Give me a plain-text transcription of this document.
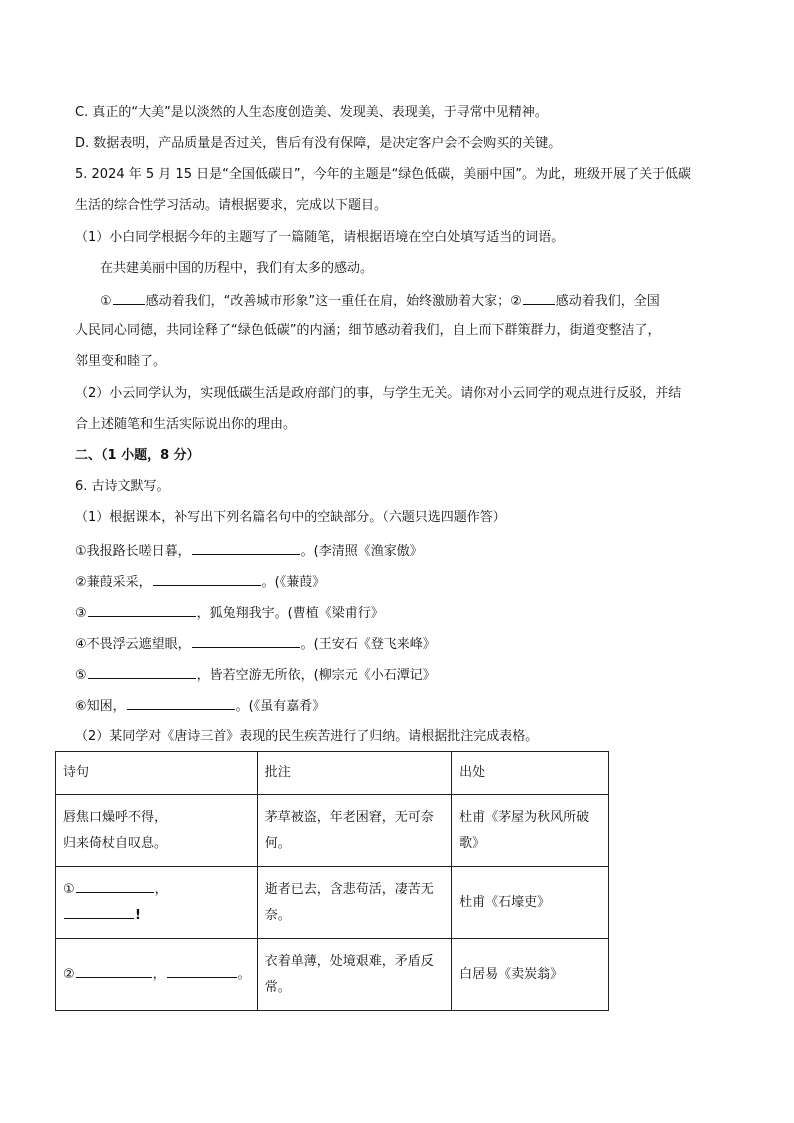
C. 真正的“大美”是以淡然的人生态度创造美、发现美、表现美，于寻常中见精神。
D. 数据表明，产品质量是否过关，售后有没有保障，是决定客户会不会购买的关键。
5. 2024 年 5 月 15 日是“全国低碳日”，今年的主题是“绿色低碳，美丽中国”。为此，班级开展了关于低碳
生活的综合性学习活动。请根据要求，完成以下题目。
（1）小白同学根据今年的主题写了一篇随笔，请根据语境在空白处填写适当的词语。
在共建美丽中国的历程中，我们有太多的感动。
①	感动着我们，“改善城市形象”这一重任在肩，始终激励着大家；②	感动着我们，全国
人民同心同德，共同诠释了“绿色低碳”的内涵；细节感动着我们，自上而下群策群力，街道变整洁了，
邻里变和睦了。
（2）小云同学认为，实现低碳生活是政府部门的事，与学生无关。请你对小云同学的观点进行反驳，并结
合上述随笔和生活实际说出你的理由。
二、（1 小题，8 分）
6. 古诗文默写。
（1）根据课本，补写出下列名篇名句中的空缺部分。（六题只选四题作答）
①我报路长嗟日暮，	。(李清照《渔家傲》
②蒹葭采采，	。(《蒹葭》
③	，狐兔翔我宇。(曹植《梁甫行》
④不畏浮云遮望眼，	。(王安石《登飞来峰》
⑤	，皆若空游无所依，(柳宗元《小石潭记》
⑥知困，	。(《虽有嘉肴》
（2）某同学对《唐诗三首》表现的民生疾苦进行了归纳。请根据批注完成表格。
诗句	批注	出处

唇焦口燥呼不得，
归来倚杖自叹息。	茅草被盗，年老困窘，无可奈何。	杜甫《茅屋为秋风所破歌》

① ，
!	逝者已去，含悲苟活，凄苦无奈。	杜甫《石壕吏》
② ， 。	衣着单薄，处境艰难，矛盾反常。	白居易《卖炭翁》
